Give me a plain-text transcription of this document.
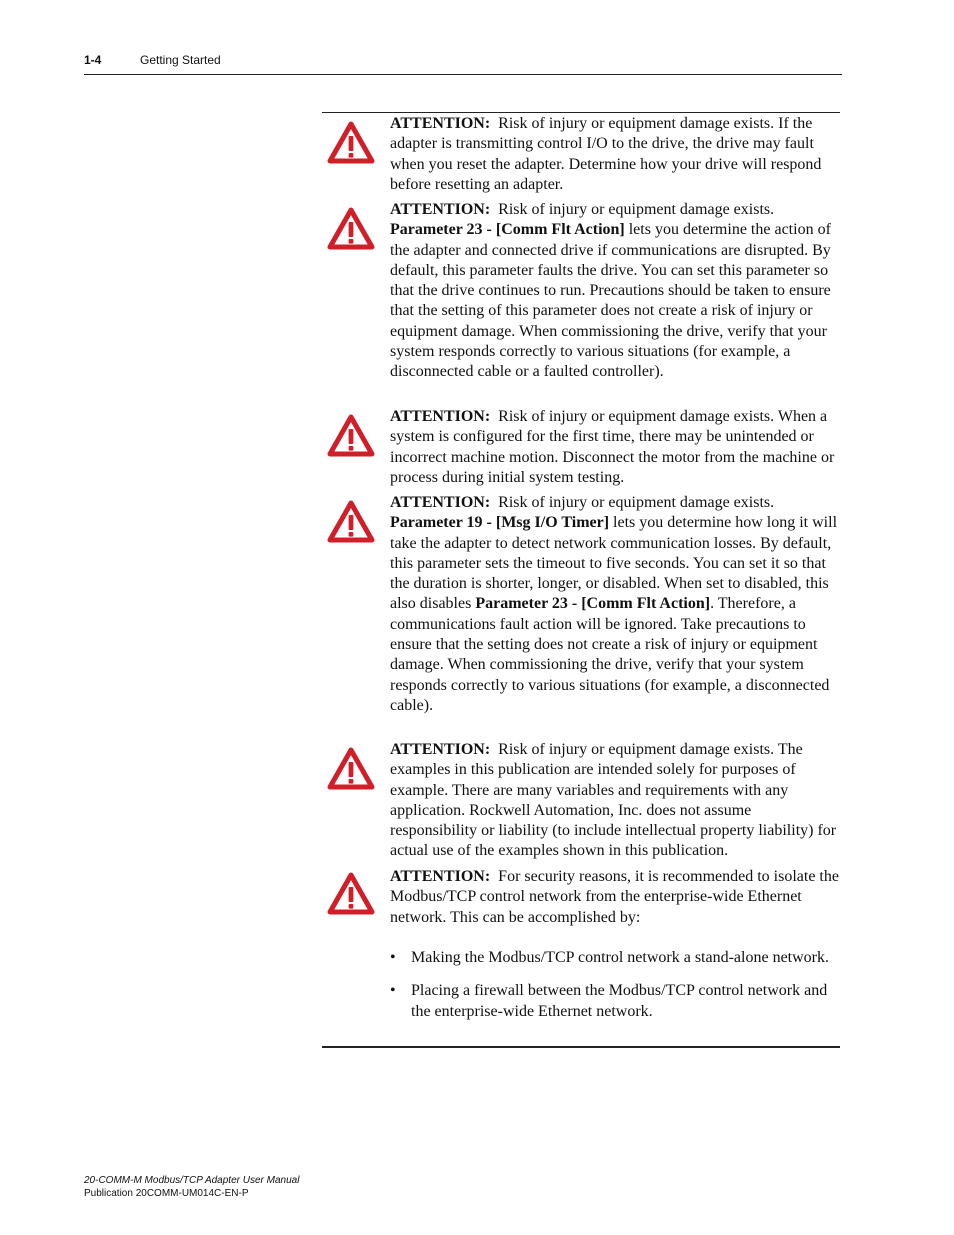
1-4	Getting Started
ATTENTION: Risk of injury or equipment damage exists. If the adapter is transmitting control I/O to the drive, the drive may fault when you reset the adapter. Determine how your drive will respond before resetting an adapter.
ATTENTION: Risk of injury or equipment damage exists. Parameter 23 - [Comm Flt Action] lets you determine the action of the adapter and connected drive if communications are disrupted. By default, this parameter faults the drive. You can set this parameter so that the drive continues to run. Precautions should be taken to ensure that the setting of this parameter does not create a risk of injury or equipment damage. When commissioning the drive, verify that your system responds correctly to various situations (for example, a disconnected cable or a faulted controller).
ATTENTION: Risk of injury or equipment damage exists. When a system is configured for the first time, there may be unintended or incorrect machine motion. Disconnect the motor from the machine or process during initial system testing.
ATTENTION: Risk of injury or equipment damage exists. Parameter 19 - [Msg I/O Timer] lets you determine how long it will take the adapter to detect network communication losses. By default, this parameter sets the timeout to five seconds. You can set it so that the duration is shorter, longer, or disabled. When set to disabled, this also disables Parameter 23 - [Comm Flt Action]. Therefore, a communications fault action will be ignored. Take precautions to ensure that the setting does not create a risk of injury or equipment damage. When commissioning the drive, verify that your system responds correctly to various situations (for example, a disconnected cable).
ATTENTION: Risk of injury or equipment damage exists. The examples in this publication are intended solely for purposes of example. There are many variables and requirements with any application. Rockwell Automation, Inc. does not assume responsibility or liability (to include intellectual property liability) for actual use of the examples shown in this publication.
ATTENTION: For security reasons, it is recommended to isolate the Modbus/TCP control network from the enterprise-wide Ethernet network. This can be accomplished by:
• Making the Modbus/TCP control network a stand-alone network.
• Placing a firewall between the Modbus/TCP control network and the enterprise-wide Ethernet network.
20-COMM-M Modbus/TCP Adapter User Manual
Publication 20COMM-UM014C-EN-P
